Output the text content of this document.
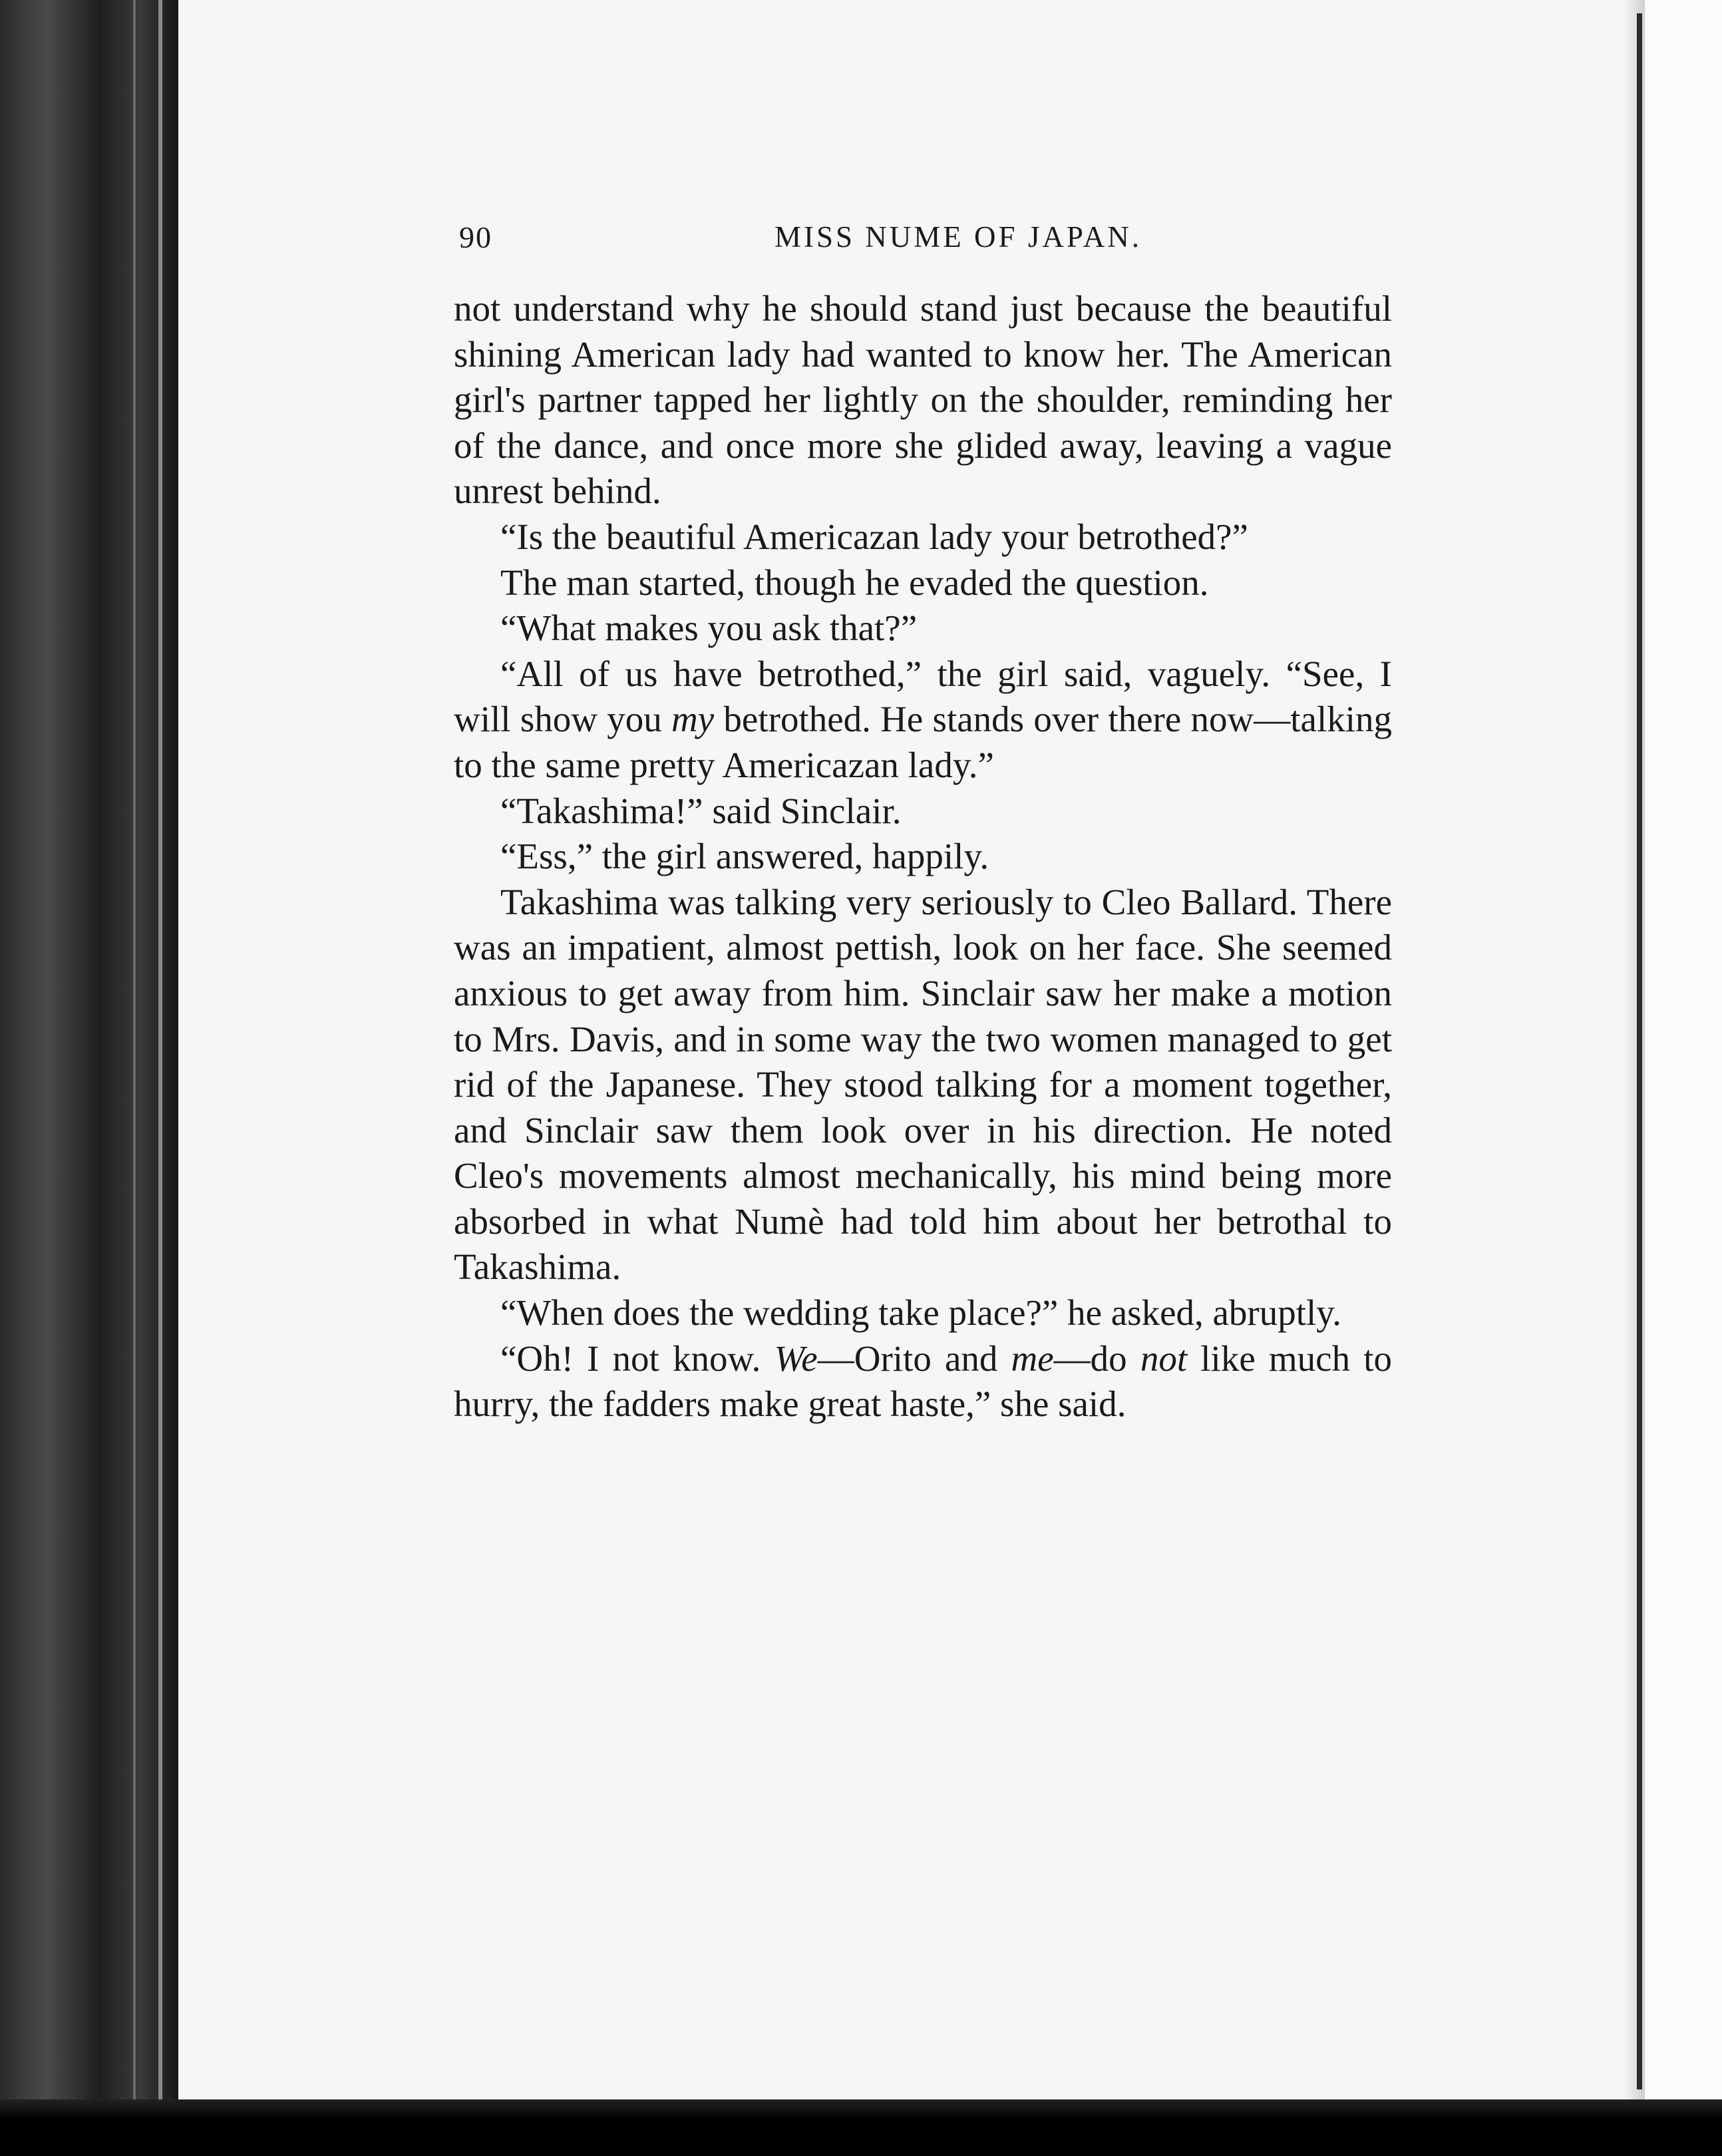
90	MISS NUME OF JAPAN.

not understand why he should stand just because the beautiful shining American lady had wanted to know her. The American girl's partner tapped her lightly on the shoulder, reminding her of the dance, and once more she glided away, leaving a vague unrest behind.

“Is the beautiful Americazan lady your betrothed?”

The man started, though he evaded the question.

“What makes you ask that?”

“All of us have betrothed,” the girl said, vaguely. “See, I will show you my betrothed. He stands over there now—talking to the same pretty Americazan lady.”

“Takashima!” said Sinclair.

“Ess,” the girl answered, happily.

Takashima was talking very seriously to Cleo Ballard. There was an impatient, almost pettish, look on her face. She seemed anxious to get away from him. Sinclair saw her make a motion to Mrs. Davis, and in some way the two women managed to get rid of the Japanese. They stood talking for a moment together, and Sinclair saw them look over in his direction. He noted Cleo's movements almost mechanically, his mind being more absorbed in what Numè had told him about her betrothal to Takashima.

“When does the wedding take place?” he asked, abruptly.

“Oh! I not know. We—Orito and me—do not like much to hurry, the fadders make great haste,” she said.
